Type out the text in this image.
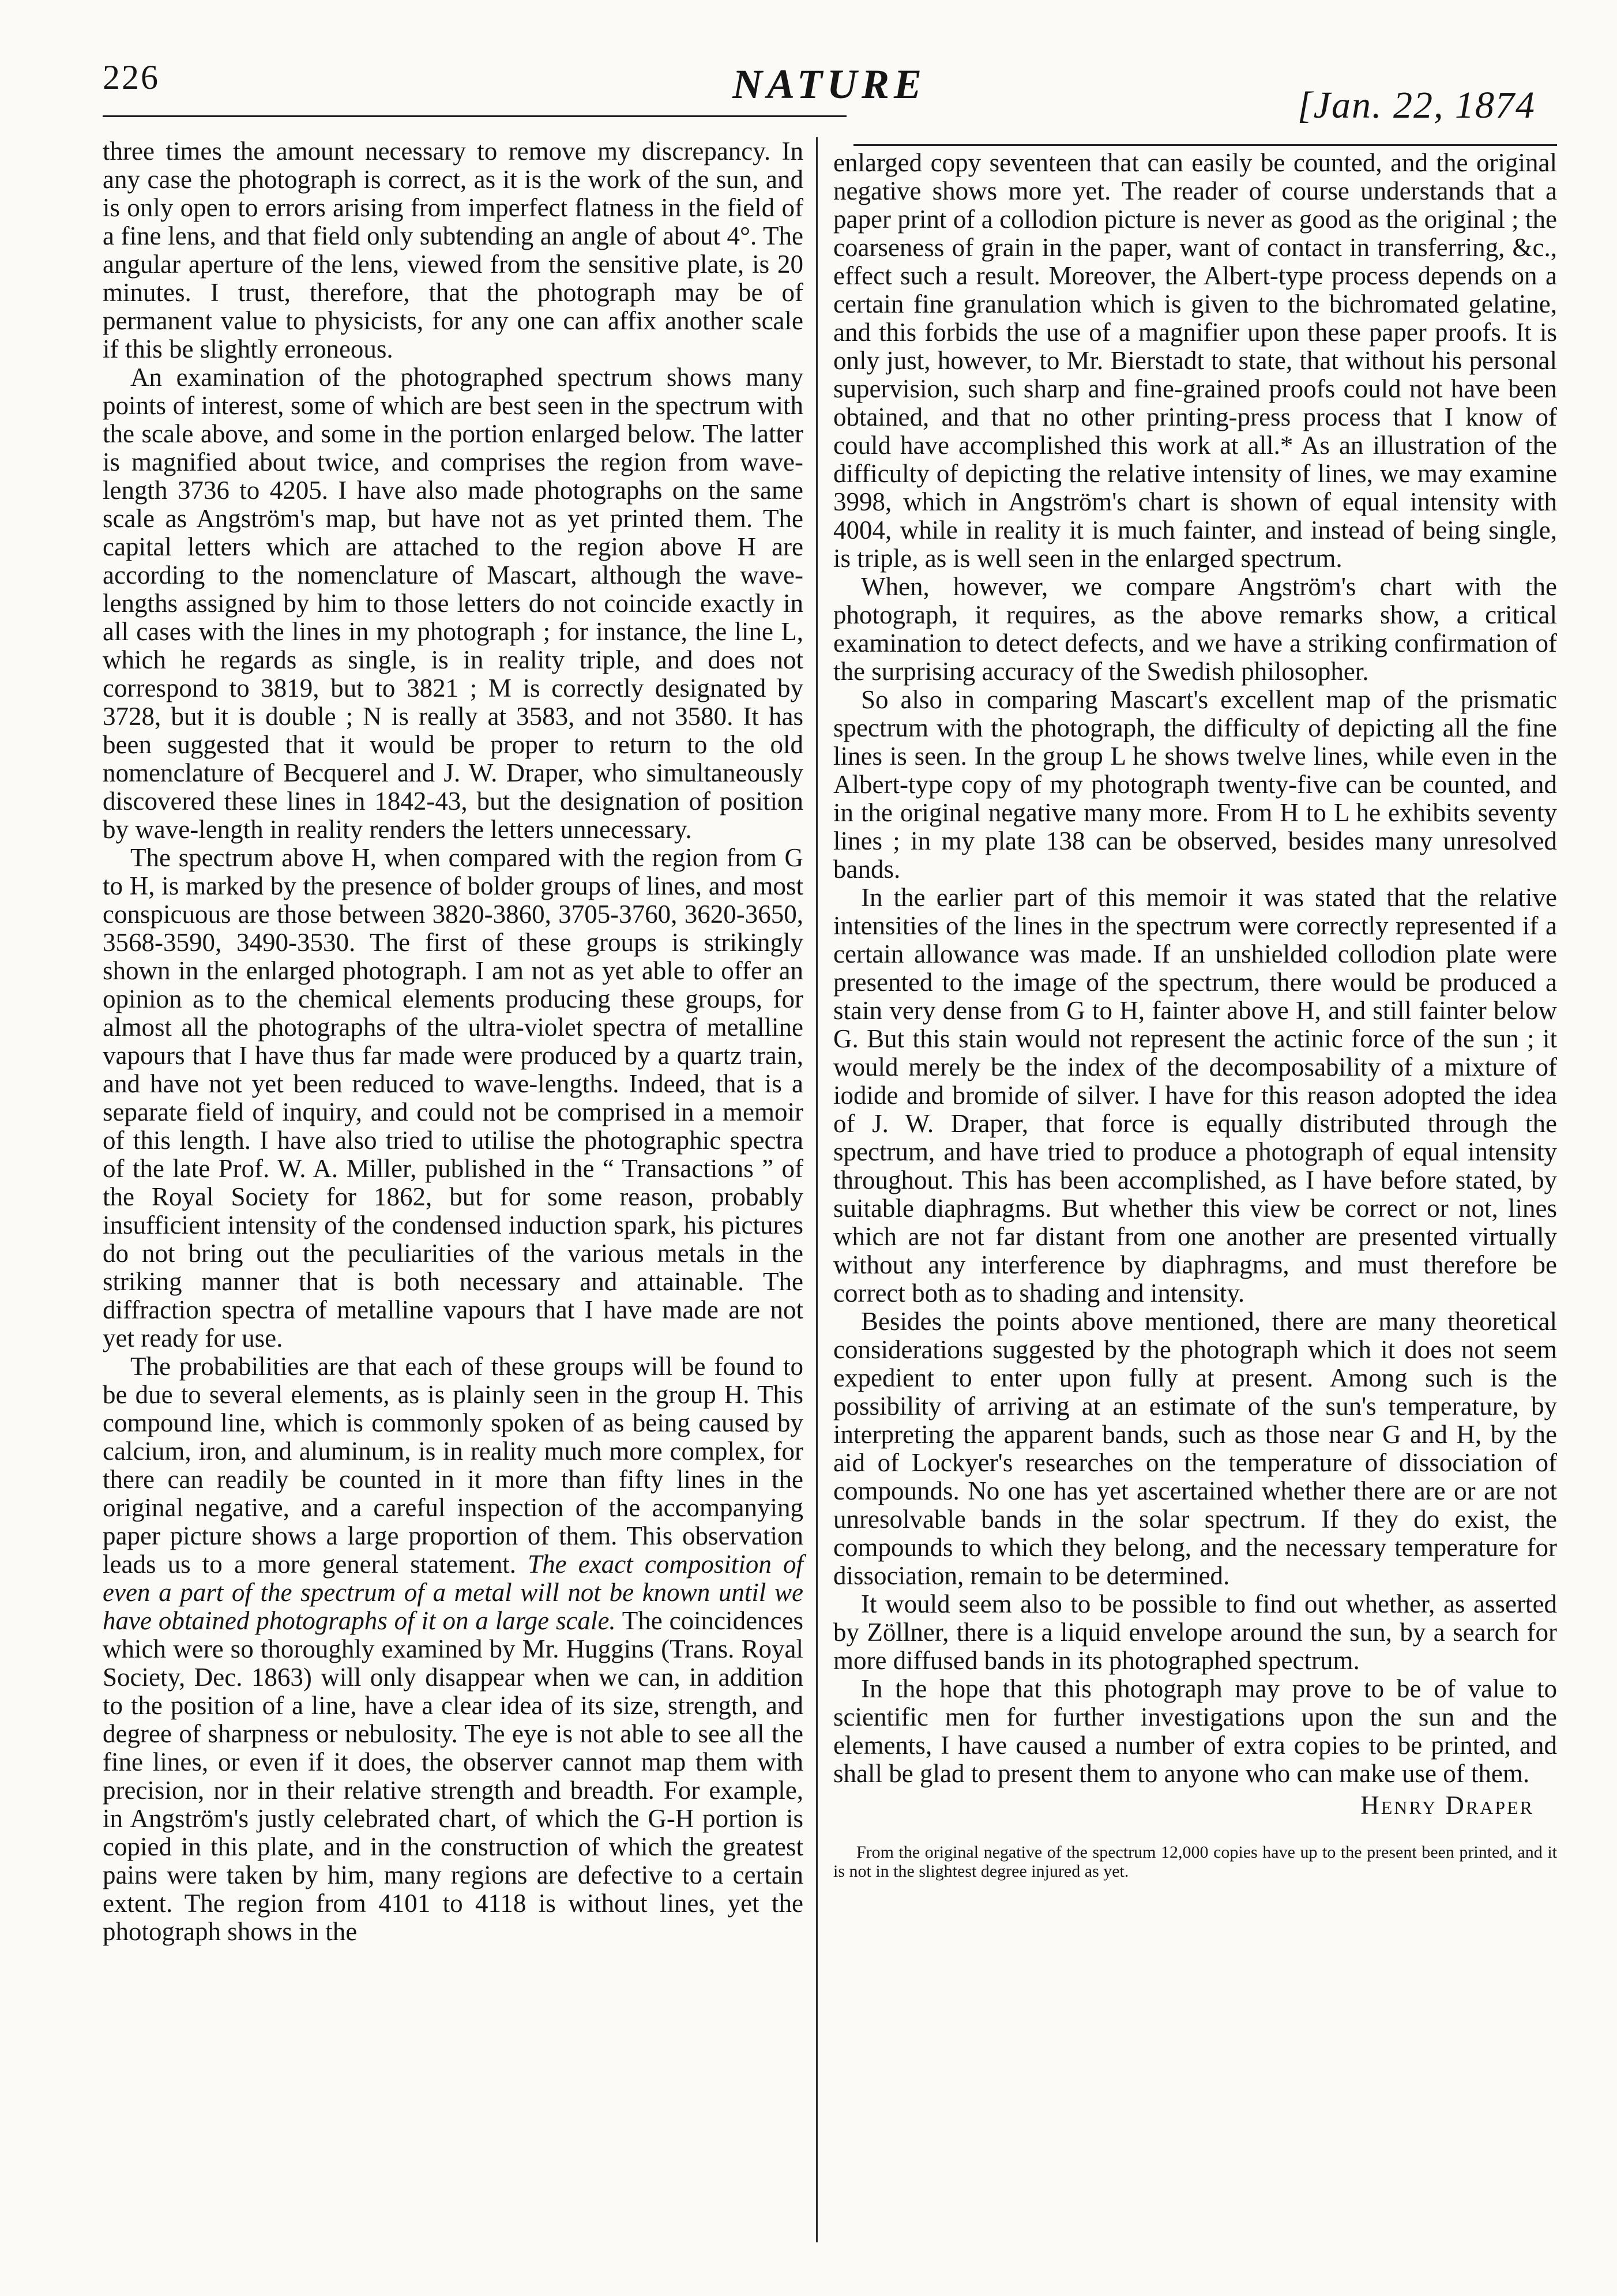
226	NATURE	[Jan. 22, 1874

three times the amount necessary to remove my discrepancy. In any case the photograph is correct, as it is the work of the sun, and is only open to errors arising from imperfect flatness in the field of a fine lens, and that field only subtending an angle of about 4°. The angular aperture of the lens, viewed from the sensitive plate, is 20 minutes. I trust, therefore, that the photograph may be of permanent value to physicists, for any one can affix another scale if this be slightly erroneous.

An examination of the photographed spectrum shows many points of interest, some of which are best seen in the spectrum with the scale above, and some in the portion enlarged below. The latter is magnified about twice, and comprises the region from wave-length 3736 to 4205. I have also made photographs on the same scale as Angström's map, but have not as yet printed them. The capital letters which are attached to the region above H are according to the nomenclature of Mascart, although the wave-lengths assigned by him to those letters do not coincide exactly in all cases with the lines in my photograph ; for instance, the line L, which he regards as single, is in reality triple, and does not correspond to 3819, but to 3821 ; M is correctly designated by 3728, but it is double ; N is really at 3583, and not 3580. It has been suggested that it would be proper to return to the old nomenclature of Becquerel and J. W. Draper, who simultaneously discovered these lines in 1842-43, but the designation of position by wave-length in reality renders the letters unnecessary.

The spectrum above H, when compared with the region from G to H, is marked by the presence of bolder groups of lines, and most conspicuous are those between 3820-3860, 3705-3760, 3620-3650, 3568-3590, 3490-3530. The first of these groups is strikingly shown in the enlarged photograph. I am not as yet able to offer an opinion as to the chemical elements producing these groups, for almost all the photographs of the ultra-violet spectra of metalline vapours that I have thus far made were produced by a quartz train, and have not yet been reduced to wave-lengths. Indeed, that is a separate field of inquiry, and could not be comprised in a memoir of this length. I have also tried to utilise the photographic spectra of the late Prof. W. A. Miller, published in the “ Transactions ” of the Royal Society for 1862, but for some reason, probably insufficient intensity of the condensed induction spark, his pictures do not bring out the peculiarities of the various metals in the striking manner that is both necessary and attainable. The diffraction spectra of metalline vapours that I have made are not yet ready for use.

The probabilities are that each of these groups will be found to be due to several elements, as is plainly seen in the group H. This compound line, which is commonly spoken of as being caused by calcium, iron, and aluminum, is in reality much more complex, for there can readily be counted in it more than fifty lines in the original negative, and a careful inspection of the accompanying paper picture shows a large proportion of them. This observation leads us to a more general statement. The exact composition of even a part of the spectrum of a metal will not be known until we have obtained photographs of it on a large scale. The coincidences which were so thoroughly examined by Mr. Huggins (Trans. Royal Society, Dec. 1863) will only disappear when we can, in addition to the position of a line, have a clear idea of its size, strength, and degree of sharpness or nebulosity. The eye is not able to see all the fine lines, or even if it does, the observer cannot map them with precision, nor in their relative strength and breadth. For example, in Angström's justly celebrated chart, of which the G-H portion is copied in this plate, and in the construction of which the greatest pains were taken by him, many regions are defective to a certain extent. The region from 4101 to 4118 is without lines, yet the photograph shows in the

enlarged copy seventeen that can easily be counted, and the original negative shows more yet. The reader of course understands that a paper print of a collodion picture is never as good as the original ; the coarseness of grain in the paper, want of contact in transferring, &c., effect such a result. Moreover, the Albert-type process depends on a certain fine granulation which is given to the bichromated gelatine, and this forbids the use of a magnifier upon these paper proofs. It is only just, however, to Mr. Bierstadt to state, that without his personal supervision, such sharp and fine-grained proofs could not have been obtained, and that no other printing-press process that I know of could have accomplished this work at all.* As an illustration of the difficulty of depicting the relative intensity of lines, we may examine 3998, which in Angström's chart is shown of equal intensity with 4004, while in reality it is much fainter, and instead of being single, is triple, as is well seen in the enlarged spectrum.

When, however, we compare Angström's chart with the photograph, it requires, as the above remarks show, a critical examination to detect defects, and we have a striking confirmation of the surprising accuracy of the Swedish philosopher.

So also in comparing Mascart's excellent map of the prismatic spectrum with the photograph, the difficulty of depicting all the fine lines is seen. In the group L he shows twelve lines, while even in the Albert-type copy of my photograph twenty-five can be counted, and in the original negative many more. From H to L he exhibits seventy lines ; in my plate 138 can be observed, besides many unresolved bands.

In the earlier part of this memoir it was stated that the relative intensities of the lines in the spectrum were correctly represented if a certain allowance was made. If an unshielded collodion plate were presented to the image of the spectrum, there would be produced a stain very dense from G to H, fainter above H, and still fainter below G. But this stain would not represent the actinic force of the sun ; it would merely be the index of the decomposability of a mixture of iodide and bromide of silver. I have for this reason adopted the idea of J. W. Draper, that force is equally distributed through the spectrum, and have tried to produce a photograph of equal intensity throughout. This has been accomplished, as I have before stated, by suitable diaphragms. But whether this view be correct or not, lines which are not far distant from one another are presented virtually without any interference by diaphragms, and must therefore be correct both as to shading and intensity.

Besides the points above mentioned, there are many theoretical considerations suggested by the photograph which it does not seem expedient to enter upon fully at present. Among such is the possibility of arriving at an estimate of the sun's temperature, by interpreting the apparent bands, such as those near G and H, by the aid of Lockyer's researches on the temperature of dissociation of compounds. No one has yet ascertained whether there are or are not unresolvable bands in the solar spectrum. If they do exist, the compounds to which they belong, and the necessary temperature for dissociation, remain to be determined.

It would seem also to be possible to find out whether, as asserted by Zöllner, there is a liquid envelope around the sun, by a search for more diffused bands in its photographed spectrum.

In the hope that this photograph may prove to be of value to scientific men for further investigations upon the sun and the elements, I have caused a number of extra copies to be printed, and shall be glad to present them to anyone who can make use of them.

Henry Draper
From the original negative of the spectrum 12,000 copies have up to the present been printed, and it is not in the slightest degree injured as yet.
